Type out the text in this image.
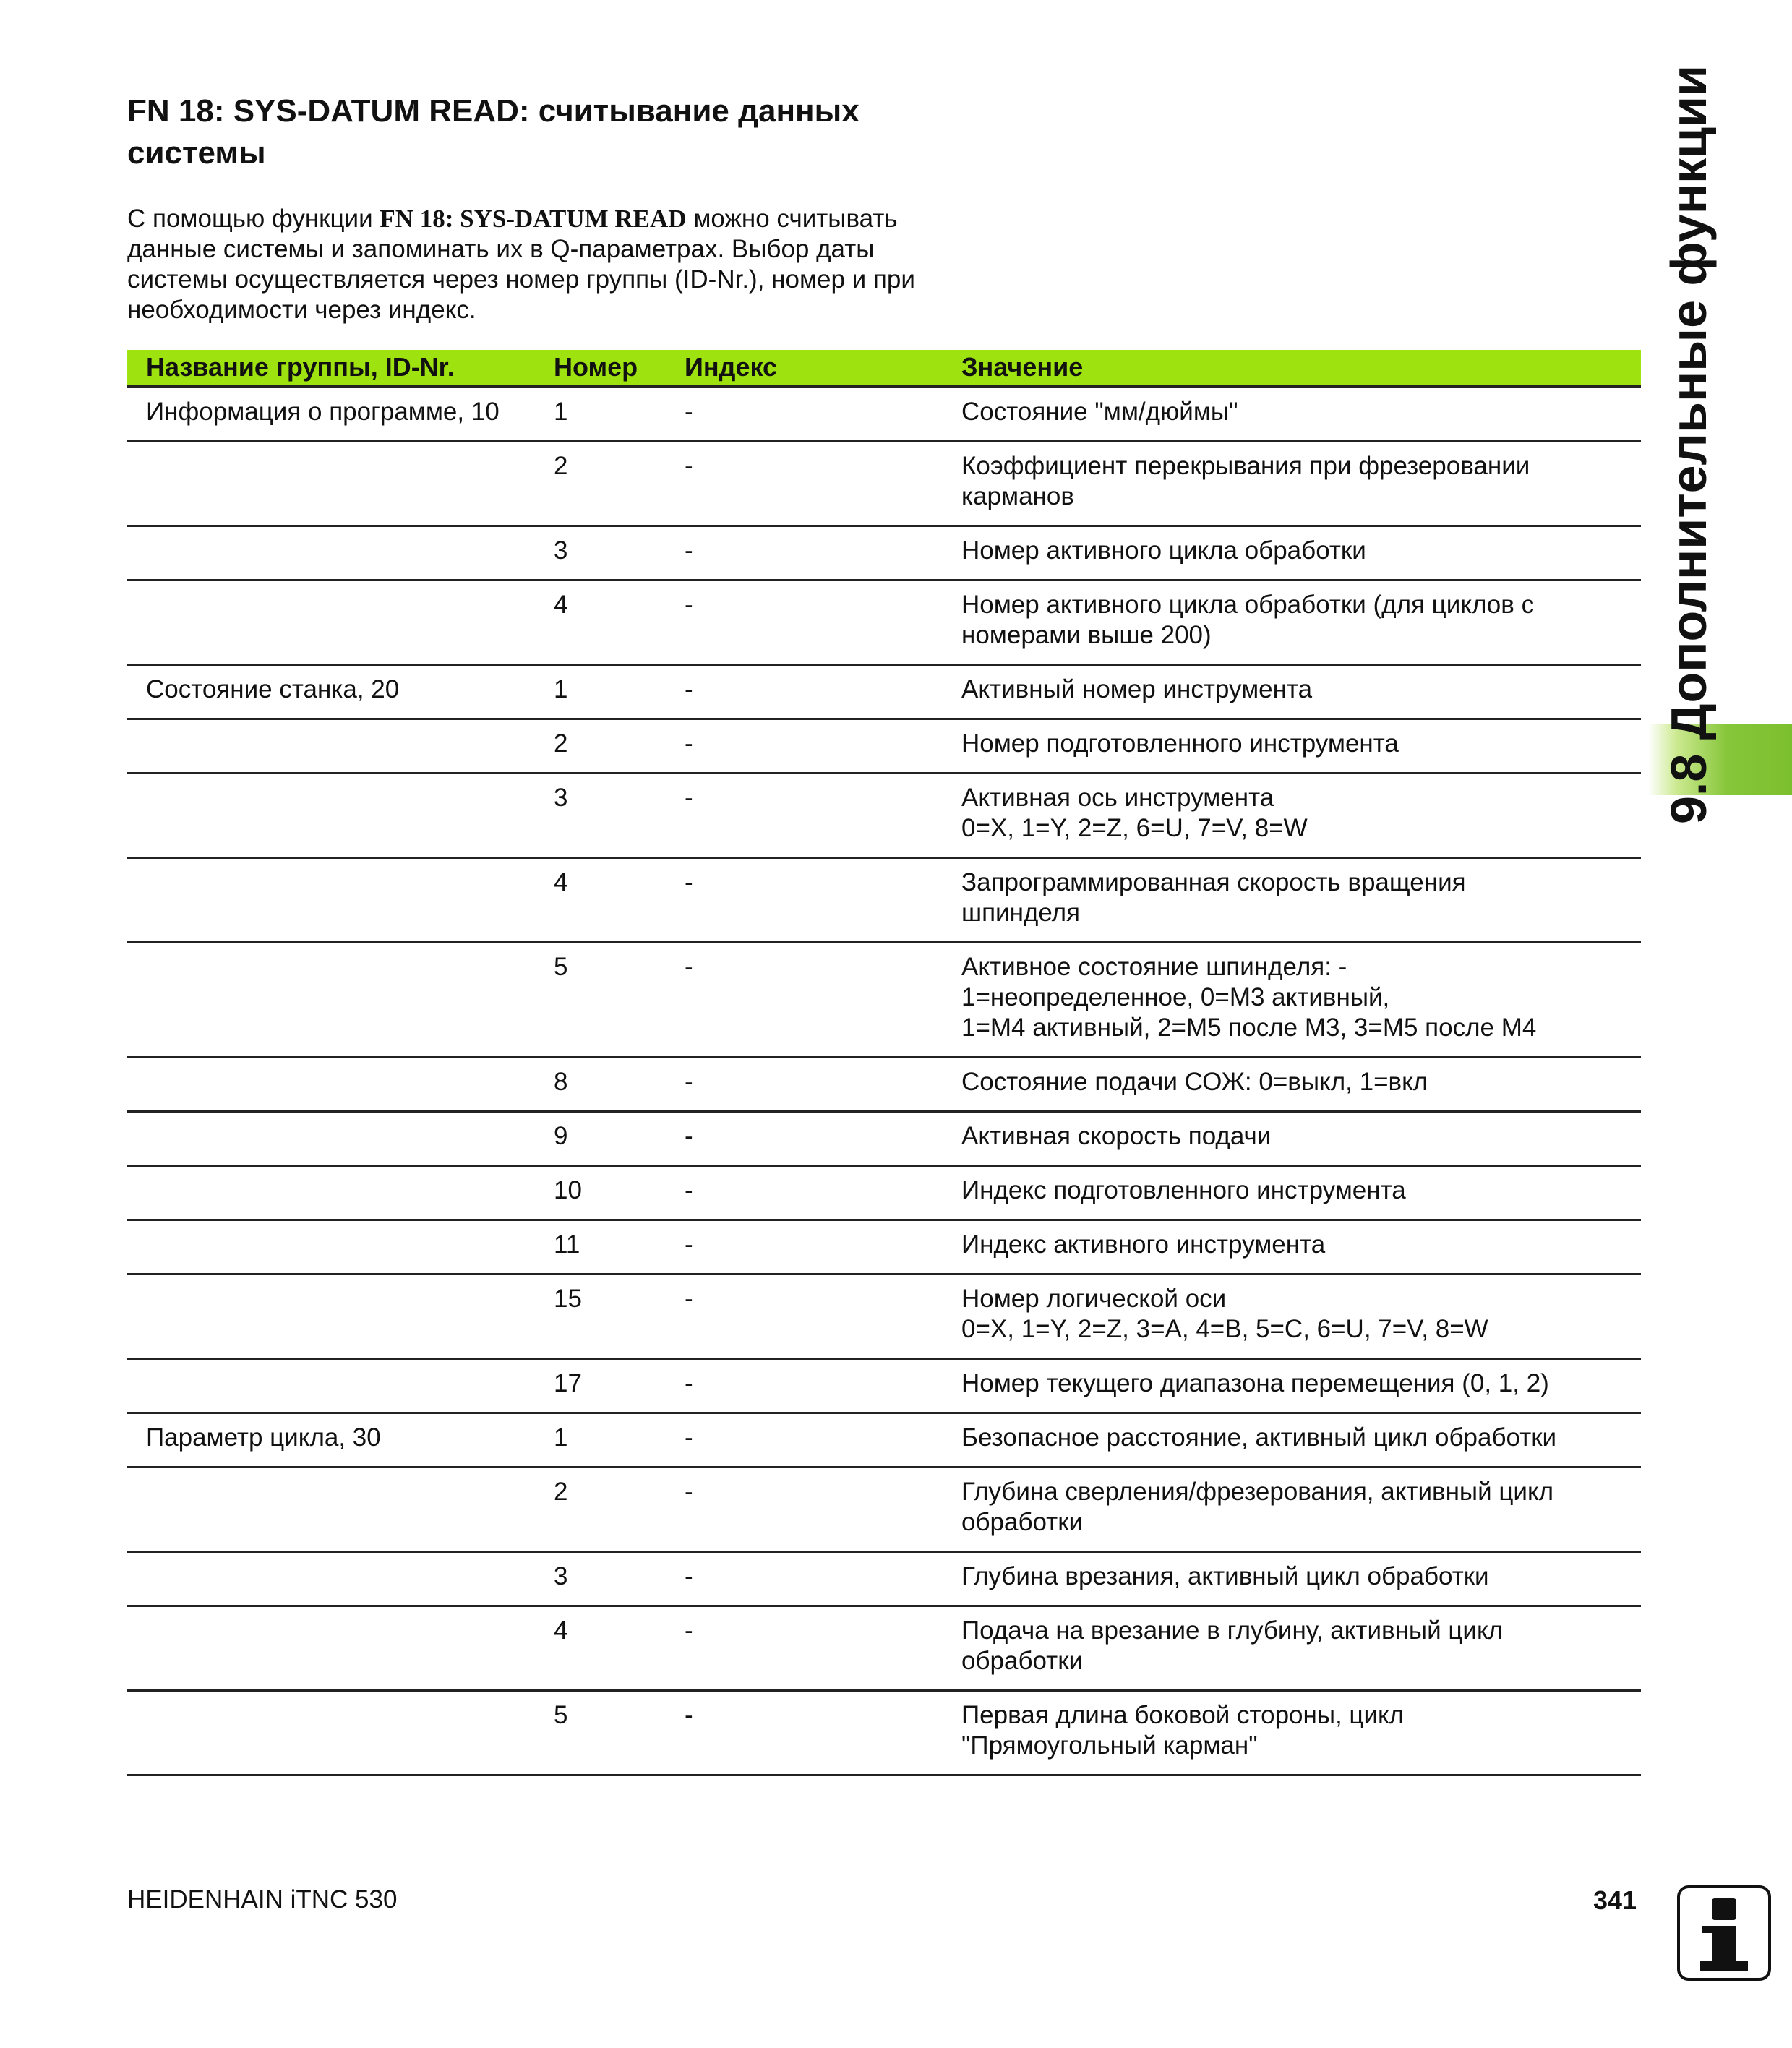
FN 18: SYS-DATUM READ: считывание данных
системы

С помощью функции FN 18: SYS-DATUM READ можно считывать данные системы и запоминать их в Q-параметрах. Выбор даты системы осуществляется через номер группы (ID-Nr.), номер и при необходимости через индекс.

Название группы, ID-Nr.	Номер	Индекс	Значение
Информация о программе, 10	1	-	Состояние "мм/дюймы"
2	-	Коэффициент перекрывания при фрезеровании
карманов
3	-	Номер активного цикла обработки
4	-	Номер активного цикла обработки (для циклов с
номерами выше 200)
Состояние станка, 20	1	-	Активный номер инструмента
2	-	Номер подготовленного инструмента
3	-	Активная ось инструмента
0=X, 1=Y, 2=Z, 6=U, 7=V, 8=W
4	-	Запрограммированная скорость вращения
шпинделя
5	-	Активное состояние шпинделя: -
1=неопределенное, 0=M3 активный,
1=M4 активный, 2=M5 после M3, 3=M5 после M4
8	-	Состояние подачи СОЖ: 0=выкл, 1=вкл
9	-	Активная скорость подачи
10	-	Индекс подготовленного инструмента
11	-	Индекс активного инструмента
15	-	Номер логической оси
0=X, 1=Y, 2=Z, 3=A, 4=B, 5=C, 6=U, 7=V, 8=W
17	-	Номер текущего диапазона перемещения (0, 1, 2)
Параметр цикла, 30	1	-	Безопасное расстояние, активный цикл обработки
2	-	Глубина сверления/фрезерования, активный цикл
обработки
3	-	Глубина врезания, активный цикл обработки
4	-	Подача на врезание в глубину, активный цикл
обработки
5	-	Первая длина боковой стороны, цикл
"Прямоугольный карман"
9.8 Дополнительные функции

HEIDENHAIN iTNC 530	341
